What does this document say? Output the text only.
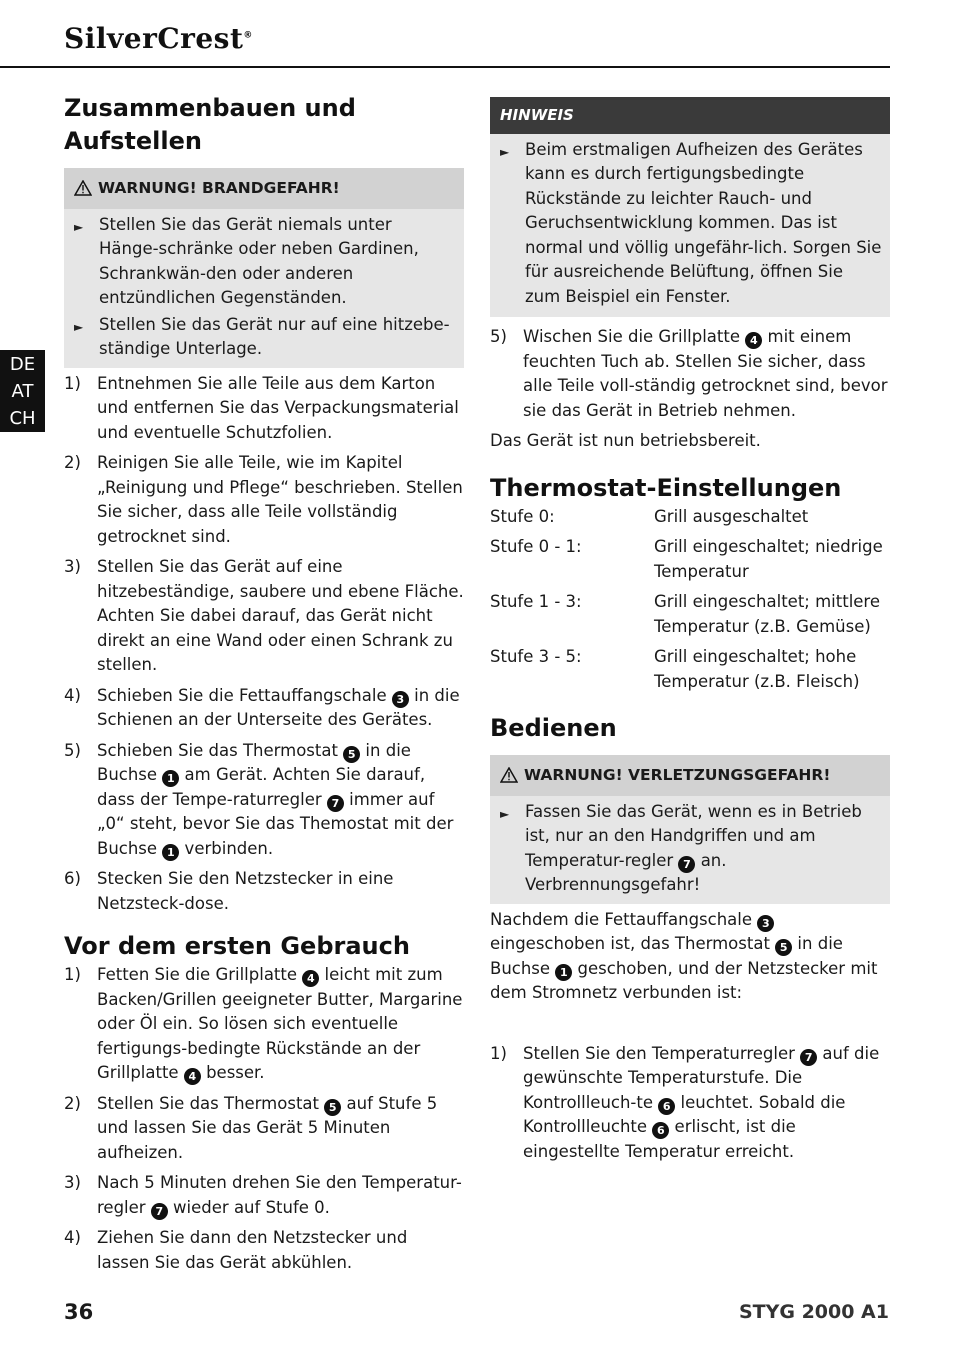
SilverCrest®
DE
AT
CH
Zusammenbauen und Aufstellen
WARNUNG! BRANDGEFAHR!
► Stellen Sie das Gerät niemals unter Hänge-schränke oder neben Gardinen, Schrankwän-den oder anderen entzündlichen Gegenständen.
► Stellen Sie das Gerät nur auf eine hitzebe-ständige Unterlage.
1) Entnehmen Sie alle Teile aus dem Karton und entfernen Sie das Verpackungsmaterial und eventuelle Schutzfolien.
2) Reinigen Sie alle Teile, wie im Kapitel „Reinigung und Pflege“ beschrieben. Stellen Sie sicher, dass alle Teile vollständig getrocknet sind.
3) Stellen Sie das Gerät auf eine hitzebeständige, saubere und ebene Fläche. Achten Sie dabei darauf, das Gerät nicht direkt an eine Wand oder einen Schrank zu stellen.
4) Schieben Sie die Fettauffangschale 3 in die Schienen an der Unterseite des Gerätes.
5) Schieben Sie das Thermostat 5 in die Buchse 1 am Gerät. Achten Sie darauf, dass der Tempe-raturregler 7 immer auf „0“ steht, bevor Sie das Themostat mit der Buchse 1 verbinden.
6) Stecken Sie den Netzstecker in eine Netzsteck-dose.
Vor dem ersten Gebrauch
1) Fetten Sie die Grillplatte 4 leicht mit zum Backen/Grillen geeigneter Butter, Margarine oder Öl ein. So lösen sich eventuelle fertigungs-bedingte Rückstände an der Grillplatte 4 besser.
2) Stellen Sie das Thermostat 5 auf Stufe 5 und lassen Sie das Gerät 5 Minuten aufheizen.
3) Nach 5 Minuten drehen Sie den Temperatur-regler 7 wieder auf Stufe 0.
4) Ziehen Sie dann den Netzstecker und lassen Sie das Gerät abkühlen.
HINWEIS
► Beim erstmaligen Aufheizen des Gerätes kann es durch fertigungsbedingte Rückstände zu leichter Rauch- und Geruchsentwicklung kommen. Das ist normal und völlig ungefähr-lich. Sorgen Sie für ausreichende Belüftung, öffnen Sie zum Beispiel ein Fenster.
5) Wischen Sie die Grillplatte 4 mit einem feuchten Tuch ab. Stellen Sie sicher, dass alle Teile voll-ständig getrocknet sind, bevor sie das Gerät in Betrieb nehmen.
Das Gerät ist nun betriebsbereit.
Thermostat-Einstellungen
Stufe 0:	Grill ausgeschaltet
Stufe 0 - 1:	Grill eingeschaltet; niedrige Temperatur
Stufe 1 - 3:	Grill eingeschaltet; mittlere Temperatur (z.B. Gemüse)
Stufe 3 - 5:	Grill eingeschaltet; hohe Temperatur (z.B. Fleisch)
Bedienen
WARNUNG! VERLETZUNGSGEFAHR!
► Fassen Sie das Gerät, wenn es in Betrieb ist, nur an den Handgriffen und am Temperatur-regler 7 an. Verbrennungsgefahr!
Nachdem die Fettauffangschale 3 eingeschoben ist, das Thermostat 5 in die Buchse 1 geschoben, und der Netzstecker mit dem Stromnetz verbunden ist:
1) Stellen Sie den Temperaturregler 7 auf die gewünschte Temperaturstufe. Die Kontrollleuch-te 6 leuchtet. Sobald die Kontrollleuchte 6 erlischt, ist die eingestellte Temperatur erreicht.
36	STYG 2000 A1
